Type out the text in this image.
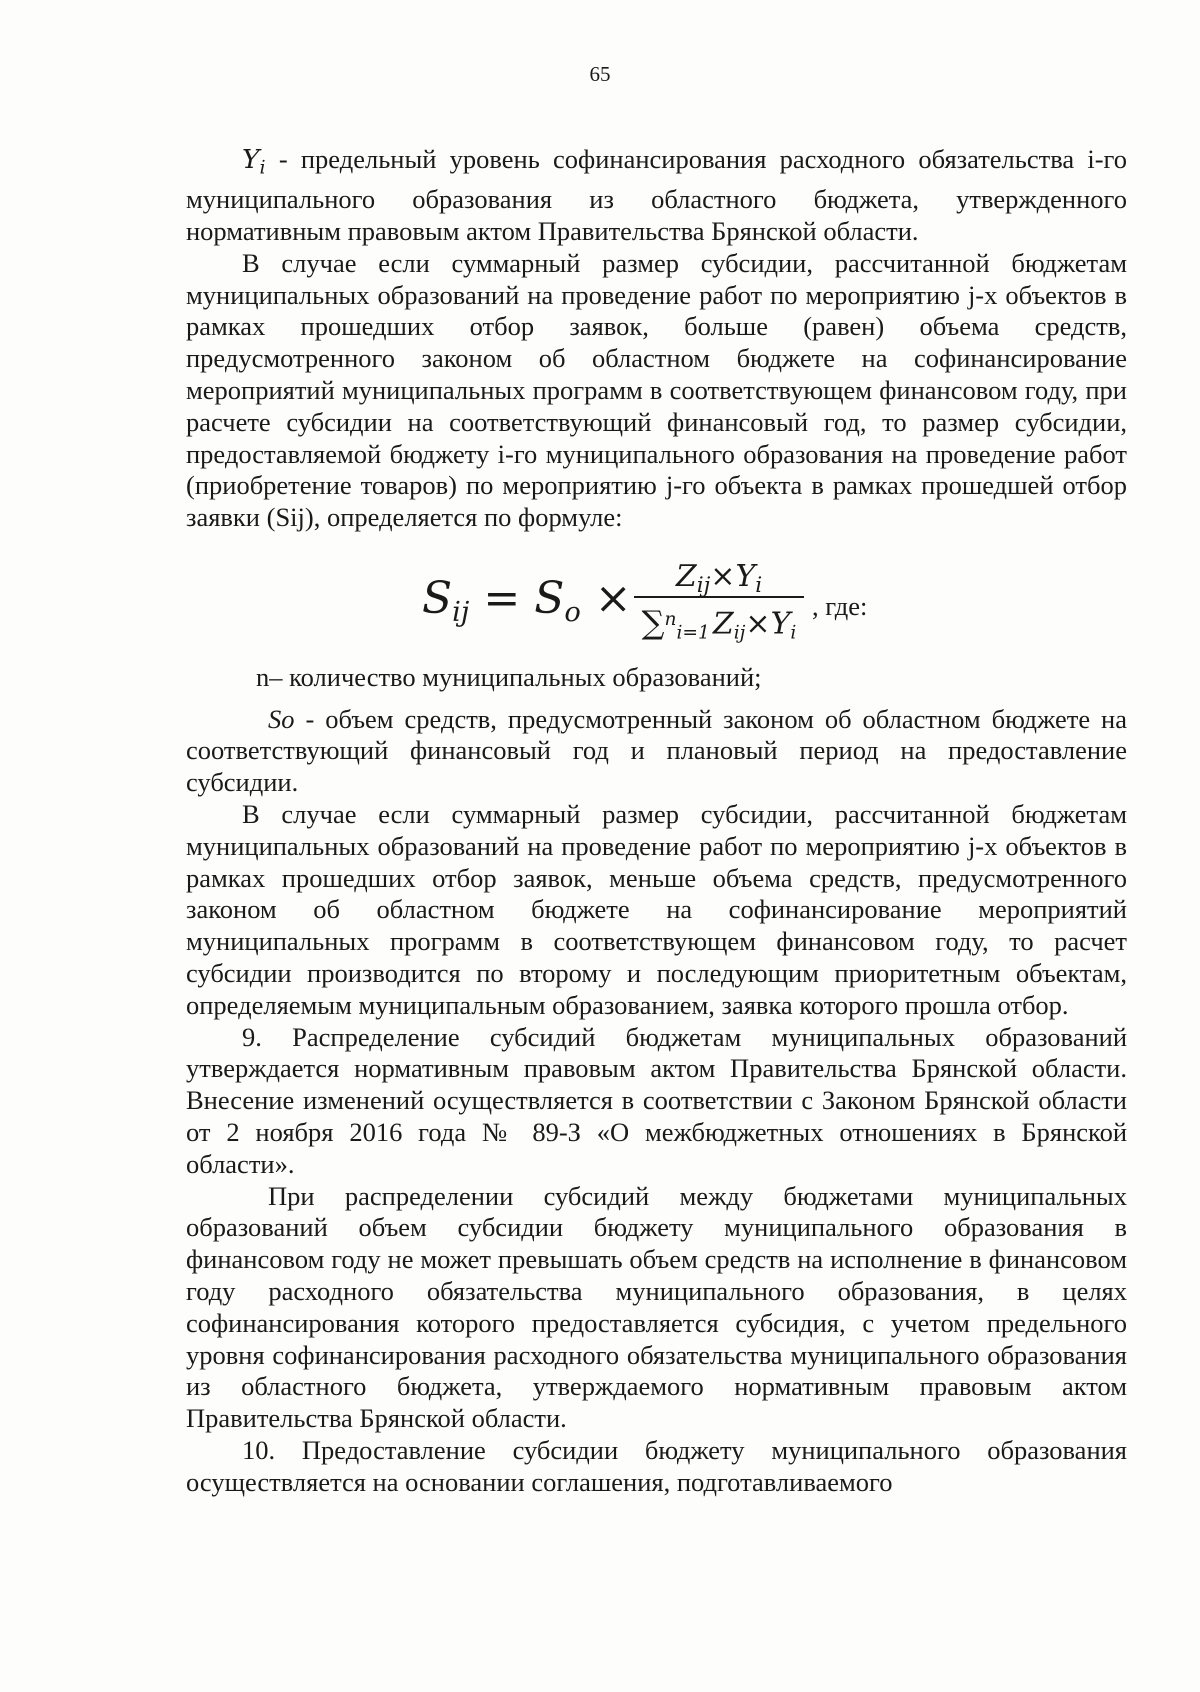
65

$Y_i$ - предельный уровень софинансирования расходного обязательства i-го муниципального образования из областного бюджета, утвержденного нормативным правовым актом Правительства Брянской области.

В случае если суммарный размер субсидии, рассчитанной бюджетам муниципальных образований на проведение работ по мероприятию j-х объектов в рамках прошедших отбор заявок, больше (равен) объема средств, предусмотренного законом об областном бюджете на софинансирование мероприятий муниципальных программ в соответствующем финансовом году, при расчете субсидии на соответствующий финансовый год, то размер субсидии, предоставляемой бюджету i-го муниципального образования на проведение работ (приобретение товаров) по мероприятию j-го объекта в рамках прошедшей отбор заявки (Sij), определяется по формуле:

$S_{ij} = S_o$ ×	$Z_{ij}\times Y_i$
∑$^n_{i=1}$  $Z_{ij}\times Y_i$
, где:

n– количество муниципальных образований;

So - объем средств, предусмотренный законом об областном бюджете на соответствующий финансовый год и плановый период на предоставление субсидии.

В случае если суммарный размер субсидии, рассчитанной бюджетам муниципальных образований на проведение работ по мероприятию j-х объектов в рамках прошедших отбор заявок, меньше объема средств, предусмотренного законом об областном бюджете на софинансирование мероприятий муниципальных программ в соответствующем финансовом году, то расчет субсидии производится по второму и последующим приоритетным объектам, определяемым муниципальным образованием, заявка которого прошла отбор.

9. Распределение субсидий бюджетам муниципальных образований утверждается нормативным правовым актом Правительства Брянской области. Внесение изменений осуществляется в соответствии с Законом Брянской области от 2 ноября 2016 года № 89-З «О межбюджетных отношениях в Брянской области».

При распределении субсидий между бюджетами муниципальных образований объем субсидии бюджету муниципального образования в финансовом году не может превышать объем средств на исполнение в финансовом году расходного обязательства муниципального образования, в целях софинансирования которого предоставляется субсидия, с учетом предельного уровня софинансирования расходного обязательства муниципального образования из областного бюджета, утверждаемого нормативным правовым актом Правительства Брянской области.

10. Предоставление субсидии бюджету муниципального образования осуществляется на основании соглашения, подготавливаемого
